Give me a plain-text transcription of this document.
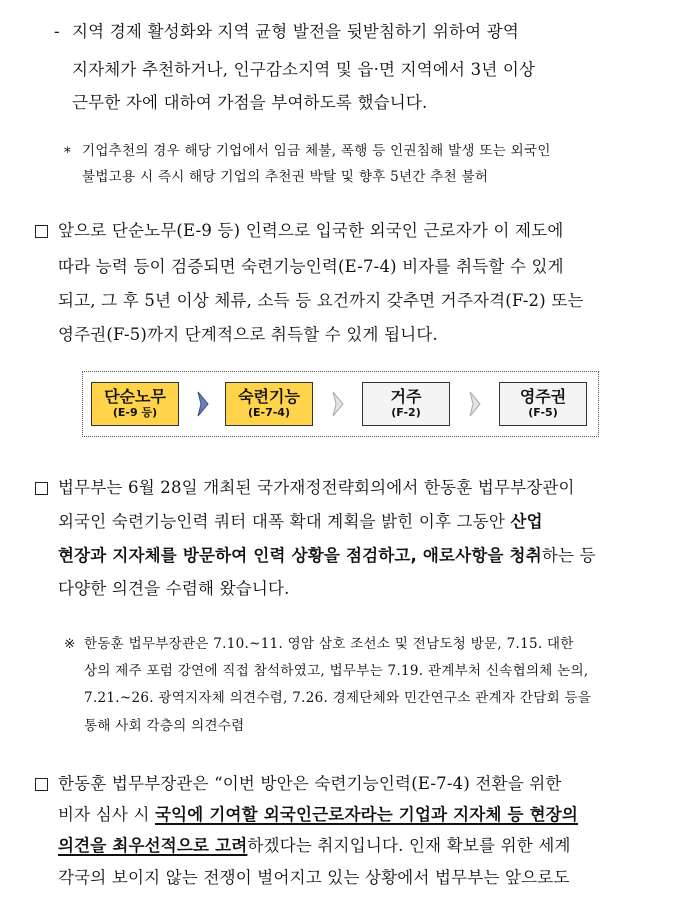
- 지역 경제 활성화와 지역 균형 발전을 뒷받침하기 위하여 광역
지자체가 추천하거나, 인구감소지역 및 읍·면 지역에서 3년 이상
근무한 자에 대하여 가점을 부여하도록 했습니다.
* 기업추천의 경우 해당 기업에서 임금 체불, 폭행 등 인권침해 발생 또는 외국인
불법고용 시 즉시 해당 기업의 추천권 박탈 및 향후 5년간 추천 불허
앞으로 단순노무(E-9 등) 인력으로 입국한 외국인 근로자가 이 제도에
따라 능력 등이 검증되면 숙련기능인력(E-7-4) 비자를 취득할 수 있게
되고, 그 후 5년 이상 체류, 소득 등 요건까지 갖추면 거주자격(F-2) 또는
영주권(F-5)까지 단계적으로 취득할 수 있게 됩니다.
단순노무
(E-9 등)
숙련기능
(E-7-4)
거주
(F-2)
영주권
(F-5)
법무부는 6월 28일 개최된 국가재정전략회의에서 한동훈 법무부장관이
외국인 숙련기능인력 쿼터 대폭 확대 계획을 밝힌 이후 그동안 산업
현장과 지자체를 방문하여 인력 상황을 점검하고, 애로사항을 청취하는 등
다양한 의견을 수렴해 왔습니다.
※ 한동훈 법무부장관은 7.10.~11. 영암 삼호 조선소 및 전남도청 방문, 7.15. 대한
상의 제주 포럼 강연에 직접 참석하였고, 법무부는 7.19. 관계부처 신속협의체 논의,
7.21.~26. 광역지자체 의견수렴, 7.26. 경제단체와 민간연구소 관계자 간담회 등을
통해 사회 각층의 의견수렴
한동훈 법무부장관은 “이번 방안은 숙련기능인력(E-7-4) 전환을 위한
비자 심사 시 국익에 기여할 외국인근로자라는 기업과 지자체 등 현장의
의견을 최우선적으로 고려하겠다는 취지입니다. 인재 확보를 위한 세계
각국의 보이지 않는 전쟁이 벌어지고 있는 상황에서 법무부는 앞으로도
